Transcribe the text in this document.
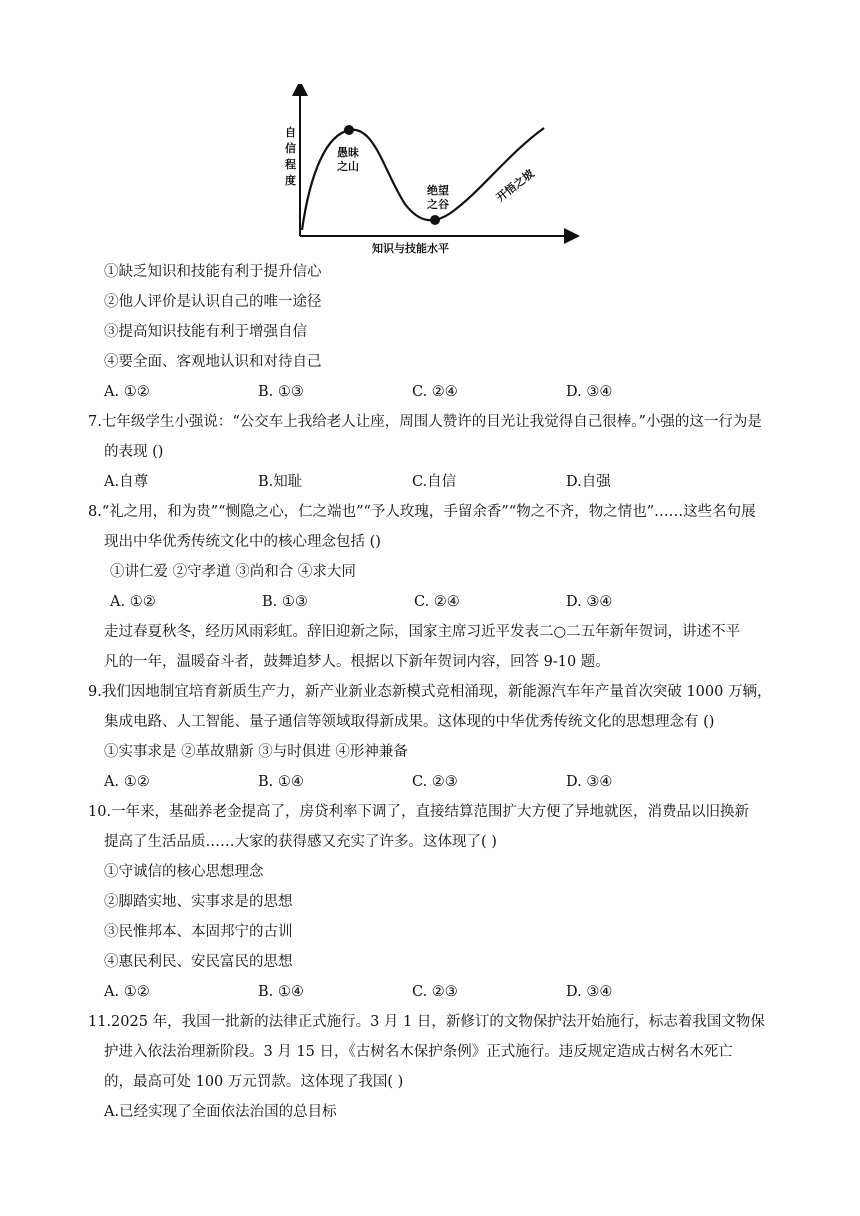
自
信
程
度
愚昧
之山
绝望
之谷
开悟之坡
知识与技能水平
①缺乏知识和技能有利于提升信心
②他人评价是认识自己的唯一途径
③提高知识技能有利于增强自信
④要全面、客观地认识和对待自己
A. ①②	B. ①③	C. ②④	D. ③④
7.七年级学生小强说：“公交车上我给老人让座，周围人赞许的目光让我觉得自己很棒。”小强的这一行为是
的表现 ()
A.自尊	B.知耻	C.自信	D.自强
8.“礼之用，和为贵”“恻隐之心，仁之端也”“予人玫瑰，手留余香”“物之不齐，物之情也”……这些名句展
现出中华优秀传统文化中的核心理念包括 ()
①讲仁爱 ②守孝道 ③尚和合 ④求大同
A. ①②	B. ①③	C. ②④	D. ③④
走过春夏秋冬，经历风雨彩虹。辞旧迎新之际，国家主席习近平发表二○二五年新年贺词，讲述不平
凡的一年，温暖奋斗者，鼓舞追梦人。根据以下新年贺词内容，回答 9-10 题。
9.我们因地制宜培育新质生产力，新产业新业态新模式竞相涌现，新能源汽车年产量首次突破 1000 万辆，
集成电路、人工智能、量子通信等领域取得新成果。这体现的中华优秀传统文化的思想理念有 ()
①实事求是 ②革故鼎新 ③与时俱进 ④形神兼备
A. ①②	B. ①④	C. ②③	D. ③④
10.一年来，基础养老金提高了，房贷利率下调了，直接结算范围扩大方便了异地就医，消费品以旧换新
提高了生活品质……大家的获得感又充实了许多。这体现了( )
①守诚信的核心思想理念
②脚踏实地、实事求是的思想
③民惟邦本、本固邦宁的古训
④惠民利民、安民富民的思想
A. ①②	B. ①④	C. ②③	D. ③④
11.2025 年，我国一批新的法律正式施行。3 月 1 日，新修订的文物保护法开始施行，标志着我国文物保
护进入依法治理新阶段。3 月 15 日，《古树名木保护条例》正式施行。违反规定造成古树名木死亡
的，最高可处 100 万元罚款。这体现了我国( )
A.已经实现了全面依法治国的总目标
